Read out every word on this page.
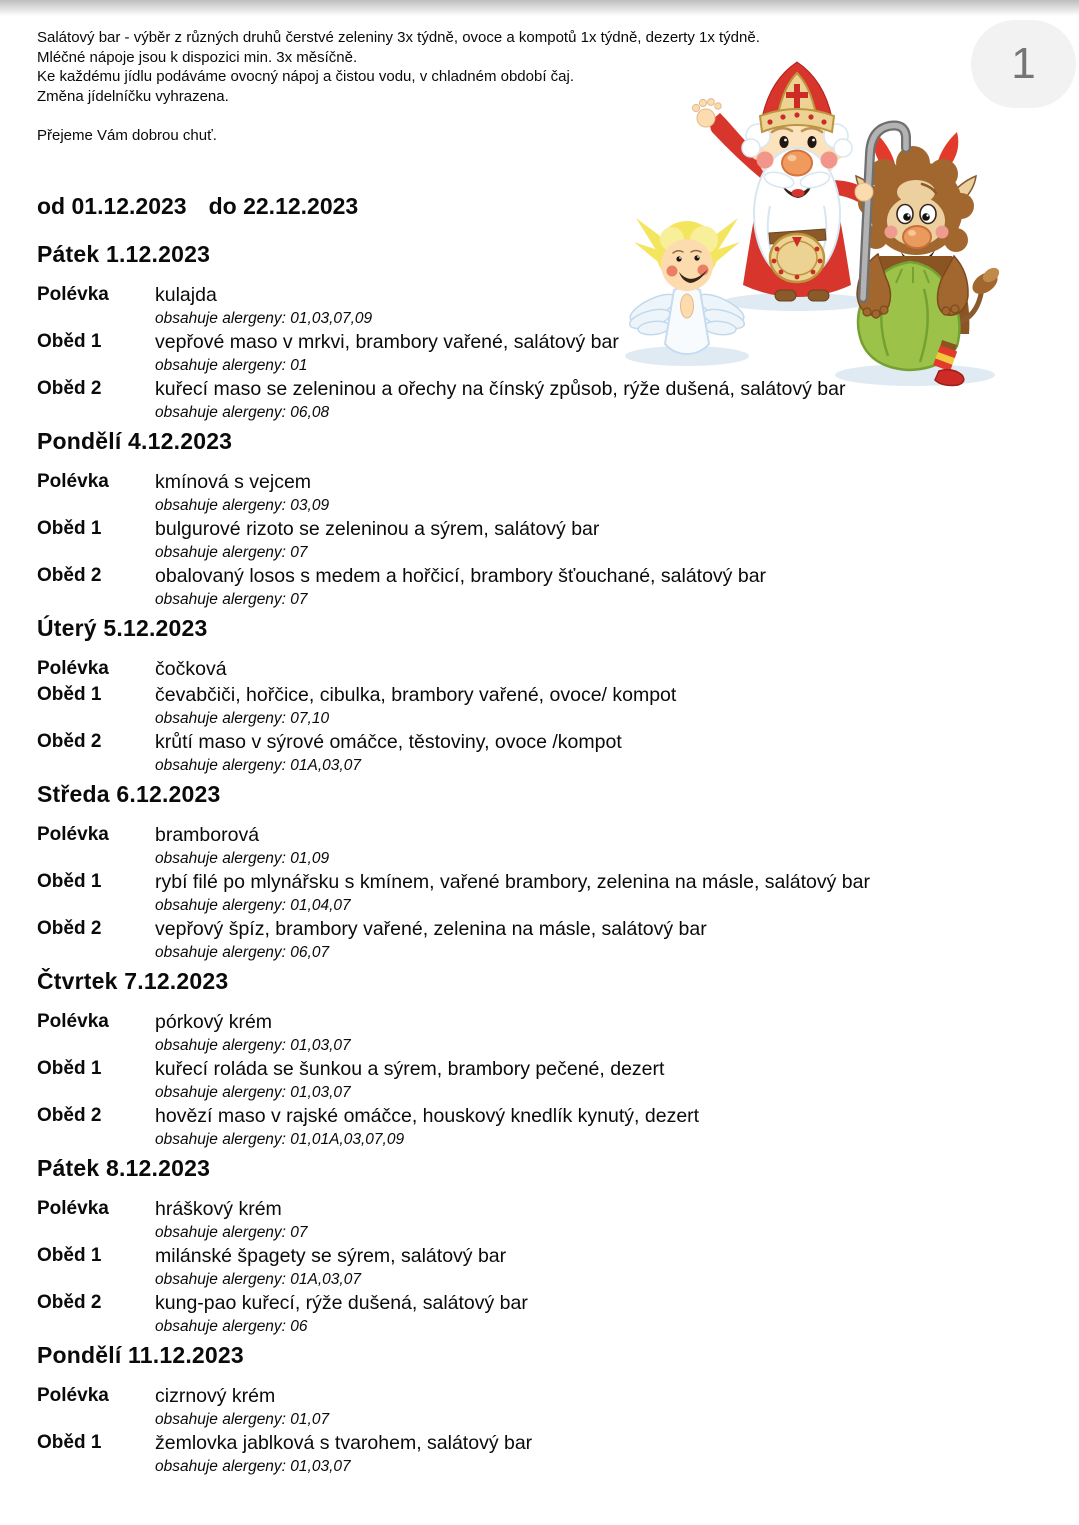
1
Salátový bar - výběr z různých druhů čerstvé zeleniny 3x týdně, ovoce a kompotů 1x týdně, dezerty 1x týdně.
Mléčné nápoje jsou k dispozici min. 3x měsíčně.
Ke každému jídlu podáváme ovocný nápoj a čistou vodu, v chladném období čaj.
Změna jídelníčku vyhrazena.
Přejeme Vám dobrou chuť.
od 01.12.2023 do 22.12.2023
Pátek 1.12.2023
Polévka	kulajda
obsahuje alergeny: 01,03,07,09
Oběd 1	vepřové maso v mrkvi, brambory vařené, salátový bar
obsahuje alergeny: 01
Oběd 2	kuřecí maso se zeleninou a ořechy na čínský způsob, rýže dušená, salátový bar
obsahuje alergeny: 06,08
Pondělí 4.12.2023
Polévka	kmínová s vejcem
obsahuje alergeny: 03,09
Oběd 1	bulgurové rizoto se zeleninou a sýrem, salátový bar
obsahuje alergeny: 07
Oběd 2	obalovaný losos s medem a hořčicí, brambory šťouchané, salátový bar
obsahuje alergeny: 07
Úterý 5.12.2023
Polévka	čočková
Oběd 1	čevabčiči, hořčice, cibulka, brambory vařené, ovoce/ kompot
obsahuje alergeny: 07,10
Oběd 2	krůtí maso v sýrové omáčce, těstoviny, ovoce /kompot
obsahuje alergeny: 01A,03,07
Středa 6.12.2023
Polévka	bramborová
obsahuje alergeny: 01,09
Oběd 1	rybí filé po mlynářsku s kmínem, vařené brambory, zelenina na másle, salátový bar
obsahuje alergeny: 01,04,07
Oběd 2	vepřový špíz, brambory vařené, zelenina na másle, salátový bar
obsahuje alergeny: 06,07
Čtvrtek 7.12.2023
Polévka	pórkový krém
obsahuje alergeny: 01,03,07
Oběd 1	kuřecí roláda se šunkou a sýrem, brambory pečené, dezert
obsahuje alergeny: 01,03,07
Oběd 2	hovězí maso v rajské omáčce, houskový knedlík kynutý, dezert
obsahuje alergeny: 01,01A,03,07,09
Pátek 8.12.2023
Polévka	hráškový krém
obsahuje alergeny: 07
Oběd 1	milánské špagety se sýrem, salátový bar
obsahuje alergeny: 01A,03,07
Oběd 2	kung-pao kuřecí, rýže dušená, salátový bar
obsahuje alergeny: 06
Pondělí 11.12.2023
Polévka	cizrnový krém
obsahuje alergeny: 01,07
Oběd 1	žemlovka jablková s tvarohem, salátový bar
obsahuje alergeny: 01,03,07
